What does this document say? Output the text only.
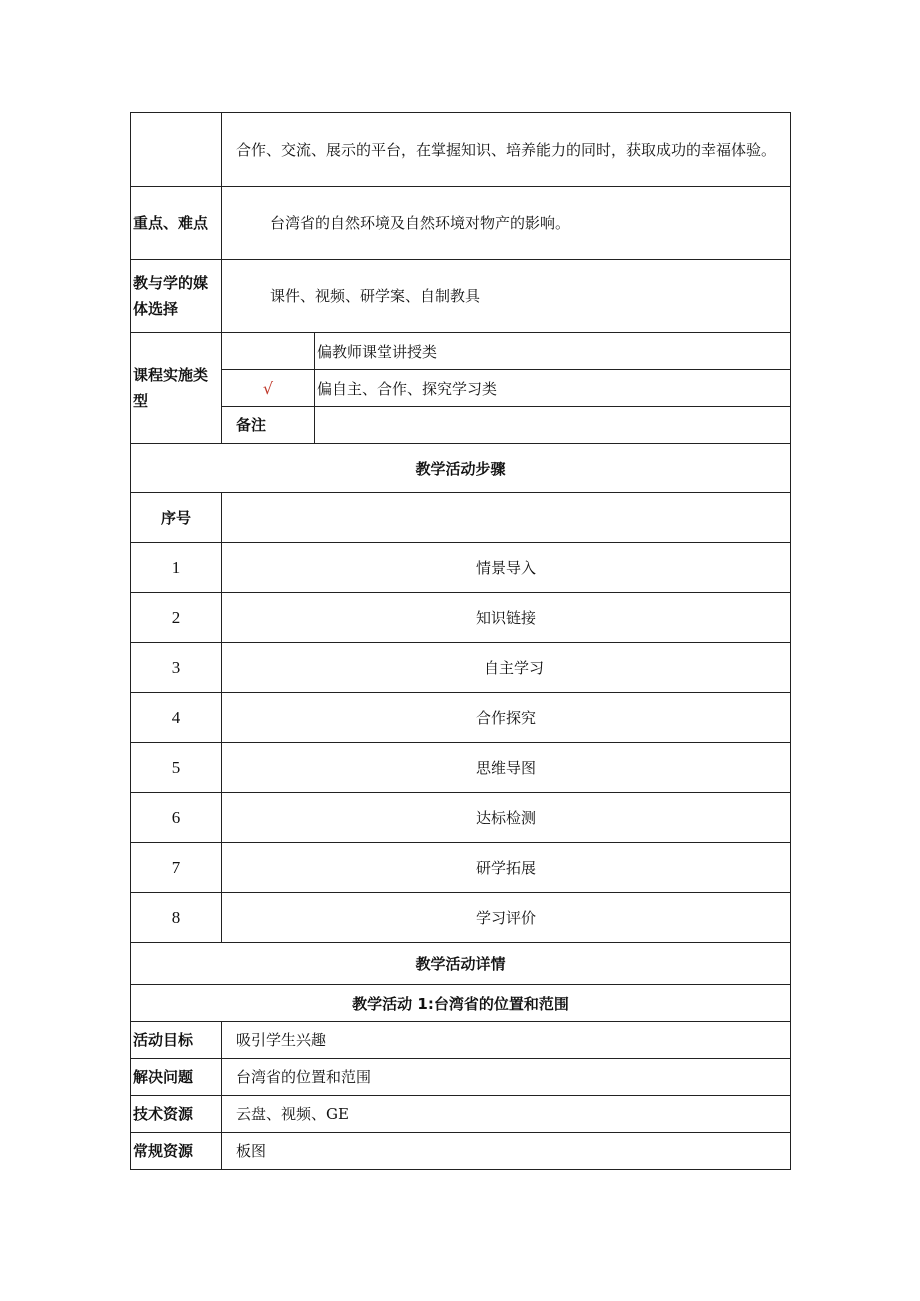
	合作、交流、展示的平台，在掌握知识、培养能力的同时，获取成功的幸福体验。	
重点、难点	台湾省的自然环境及自然环境对物产的影响。	
教与学的媒体选择	课件、视频、研学案、自制教具	
课程实施类型		偏教师课堂讲授类
	√	偏自主、合作、探究学习类
	备注	
教学活动步骤		
序号		
1	情景导入	
2	知识链接	
3	自主学习	
4	合作探究	
5	思维导图	
6	达标检测	
7	研学拓展	
8	学习评价	
教学活动详情		
教学活动 1:台湾省的位置和范围		
活动目标	吸引学生兴趣	
解决问题	台湾省的位置和范围	
技术资源	云盘、视频、GE	
常规资源	板图	
